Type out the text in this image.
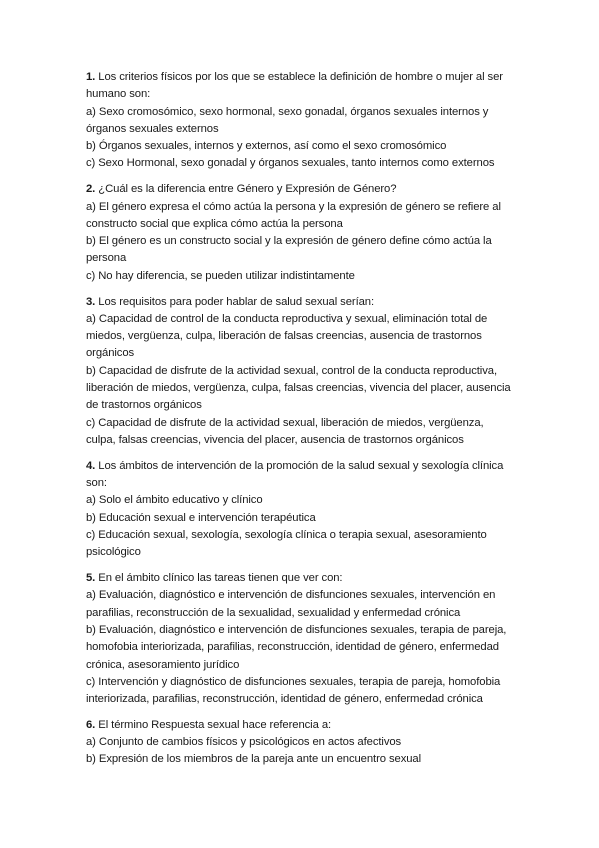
1. Los criterios físicos por los que se establece la definición de hombre o mujer al ser humano son:

a) Sexo cromosómico, sexo hormonal, sexo gonadal, órganos sexuales internos y órganos sexuales externos

b) Órganos sexuales, internos y externos, así como el sexo cromosómico

c) Sexo Hormonal, sexo gonadal y órganos sexuales, tanto internos como externos

2. ¿Cuál es la diferencia entre Género y Expresión de Género?

a) El género expresa el cómo actúa la persona y la expresión de género se refiere al constructo social que explica cómo actúa la persona

b) El género es un constructo social y la expresión de género define cómo actúa la persona

c) No hay diferencia, se pueden utilizar indistintamente

3. Los requisitos para poder hablar de salud sexual serían:

a) Capacidad de control de la conducta reproductiva y sexual, eliminación total de miedos, vergüenza, culpa, liberación de falsas creencias, ausencia de trastornos orgánicos

b) Capacidad de disfrute de la actividad sexual, control de la conducta reproductiva, liberación de miedos, vergüenza, culpa, falsas creencias, vivencia del placer, ausencia de trastornos orgánicos

c) Capacidad de disfrute de la actividad sexual, liberación de miedos, vergüenza, culpa, falsas creencias, vivencia del placer, ausencia de trastornos orgánicos

4. Los ámbitos de intervención de la promoción de la salud sexual y sexología clínica son:

a) Solo el ámbito educativo y clínico

b) Educación sexual e intervención terapéutica

c) Educación sexual, sexología, sexología clínica o terapia sexual, asesoramiento psicológico

5. En el ámbito clínico las tareas tienen que ver con:

a) Evaluación, diagnóstico e intervención de disfunciones sexuales, intervención en parafilias, reconstrucción de la sexualidad, sexualidad y enfermedad crónica

b) Evaluación, diagnóstico e intervención de disfunciones sexuales, terapia de pareja, homofobia interiorizada, parafilias, reconstrucción, identidad de género, enfermedad crónica, asesoramiento jurídico

c) Intervención y diagnóstico de disfunciones sexuales, terapia de pareja, homofobia interiorizada, parafilias, reconstrucción, identidad de género, enfermedad crónica

6. El término Respuesta sexual hace referencia a:

a) Conjunto de cambios físicos y psicológicos en actos afectivos

b) Expresión de los miembros de la pareja ante un encuentro sexual
